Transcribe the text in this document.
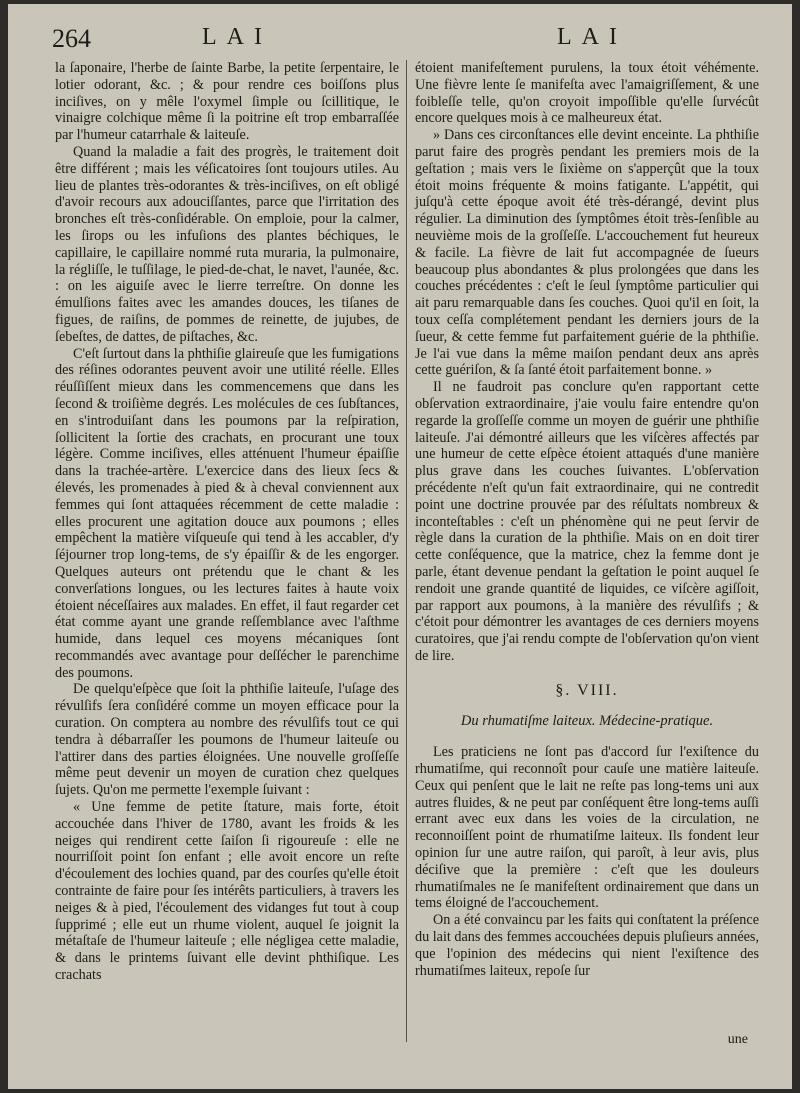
264	LAI	LAI

la ſaponaire, l'herbe de ſainte Barbe, la petite ſerpentaire, le lotier odorant, &c. ; & pour rendre ces boiſſons plus inciſives, on y mêle l'oxymel ſimple ou ſcillitique, le vinaigre colchique même ſi la poitrine eſt trop embarraſſée par l'humeur catarrhale & laiteuſe.

Quand la maladie a fait des progrès, le traitement doit être différent ; mais les véſicatoires ſont toujours utiles. Au lieu de plantes très-odorantes & très-inciſives, on eſt obligé d'avoir recours aux adouciſſantes, parce que l'irritation des bronches eſt très-conſidérable. On emploie, pour la calmer, les ſirops ou les infuſions des plantes béchiques, le capillaire, le capillaire nommé ruta muraria, la pulmonaire, la régliſſe, le tuſſilage, le pied-de-chat, le navet, l'aunée, &c. : on les aiguiſe avec le lierre terreſtre. On donne les émulſions faites avec les amandes douces, les tiſanes de figues, de raiſins, de pommes de reinette, de jujubes, de ſebeſtes, de dattes, de piſtaches, &c.

C'eſt ſurtout dans la phthiſie glaireuſe que les fumigations des réſines odorantes peuvent avoir une utilité réelle. Elles réuſſiſſent mieux dans les commencemens que dans les ſecond & troiſième degrés. Les molécules de ces ſubſtances, en s'introduiſant dans les poumons par la reſpiration, ſollicitent la ſortie des crachats, en procurant une toux légère. Comme inciſives, elles atténuent l'humeur épaiſſie dans la trachée-artère. L'exercice dans des lieux ſecs & élevés, les promenades à pied & à cheval conviennent aux femmes qui ſont attaquées récemment de cette maladie : elles procurent une agitation douce aux poumons ; elles empêchent la matière viſqueuſe qui tend à les accabler, d'y ſéjourner trop long-tems, de s'y épaiſſir & de les engorger. Quelques auteurs ont prétendu que le chant & les converſations longues, ou les lectures faites à haute voix étoient néceſſaires aux malades. En effet, il faut regarder cet état comme ayant une grande reſſemblance avec l'aſthme humide, dans lequel ces moyens mécaniques ſont recommandés avec avantage pour deſſécher le parenchime des poumons.

De quelqu'eſpèce que ſoit la phthiſie laiteuſe, l'uſage des révulſifs ſera conſidéré comme un moyen efficace pour la curation. On comptera au nombre des révulſifs tout ce qui tendra à débarraſſer les poumons de l'humeur laiteuſe ou l'attirer dans des parties éloignées. Une nouvelle groſſeſſe même peut devenir un moyen de curation chez quelques ſujets. Qu'on me permette l'exemple ſuivant :

« Une femme de petite ſtature, mais forte, étoit accouchée dans l'hiver de 1780, avant les froids & les neiges qui rendirent cette ſaiſon ſi rigoureuſe : elle ne nourriſſoit point ſon enfant ; elle avoit encore un reſte d'écoulement des lochies quand, par des courſes qu'elle étoit contrainte de faire pour ſes intérêts particuliers, à travers les neiges & à pied, l'écoulement des vidanges fut tout à coup ſupprimé ; elle eut un rhume violent, auquel ſe joignit la métaſtaſe de l'humeur laiteuſe ; elle négligea cette maladie, & dans le printems ſuivant elle devint phthiſique. Les crachats

étoient manifeſtement purulens, la toux étoit véhémente. Une fièvre lente ſe manifeſta avec l'amaigriſſement, & une foibleſſe telle, qu'on croyoit impoſſible qu'elle ſurvécût encore quelques mois à ce malheureux état.

» Dans ces circonſtances elle devint enceinte. La phthiſie parut faire des progrès pendant les premiers mois de la geſtation ; mais vers le ſixième on s'apperçût que la toux étoit moins fréquente & moins fatigante. L'appétit, qui juſqu'à cette époque avoit été très-dérangé, devint plus régulier. La diminution des ſymptômes étoit très-ſenſible au neuvième mois de la groſſeſſe. L'accouchement fut heureux & facile. La fièvre de lait fut accompagnée de ſueurs beaucoup plus abondantes & plus prolongées que dans les couches précédentes : c'eſt le ſeul ſymptôme particulier qui ait paru remarquable dans ſes couches. Quoi qu'il en ſoit, la toux ceſſa complétement pendant les derniers jours de la ſueur, & cette femme fut parfaitement guérie de la phthiſie. Je l'ai vue dans la même maiſon pendant deux ans après cette guériſon, & ſa ſanté étoit parfaitement bonne. »

Il ne faudroit pas conclure qu'en rapportant cette obſervation extraordinaire, j'aie voulu faire entendre qu'on regarde la groſſeſſe comme un moyen de guérir une phthiſie laiteuſe. J'ai démontré ailleurs que les viſcères affectés par une humeur de cette eſpèce étoient attaqués d'une manière plus grave dans les couches ſuivantes. L'obſervation précédente n'eſt qu'un fait extraordinaire, qui ne contredit point une doctrine prouvée par des réſultats nombreux & inconteſtables : c'eſt un phénomène qui ne peut ſervir de règle dans la curation de la phthiſie. Mais on en doit tirer cette conſéquence, que la matrice, chez la femme dont je parle, étant devenue pendant la geſtation le point auquel ſe rendoit une grande quantité de liquides, ce viſcère agiſſoit, par rapport aux poumons, à la manière des révulſifs ; & c'étoit pour démontrer les avantages de ces derniers moyens curatoires, que j'ai rendu compte de l'obſervation qu'on vient de lire.

§. VIII.
Du rhumatiſme laiteux. Médecine-pratique.

Les praticiens ne ſont pas d'accord ſur l'exiſtence du rhumatiſme, qui reconnoît pour cauſe une matière laiteuſe. Ceux qui penſent que le lait ne reſte pas long-tems uni aux autres fluides, & ne peut par conſéquent être long-tems auſſi errant avec eux dans les voies de la circulation, ne reconnoiſſent point de rhumatiſme laiteux. Ils fondent leur opinion ſur une autre raiſon, qui paroît, à leur avis, plus déciſive que la première : c'eſt que les douleurs rhumatiſmales ne ſe manifeſtent ordinairement que dans un tems éloigné de l'accouchement.

On a été convaincu par les faits qui conſtatent la préſence du lait dans des femmes accouchées depuis pluſieurs années, que l'opinion des médecins qui nient l'exiſtence des rhumatiſmes laiteux, repoſe ſur

une
